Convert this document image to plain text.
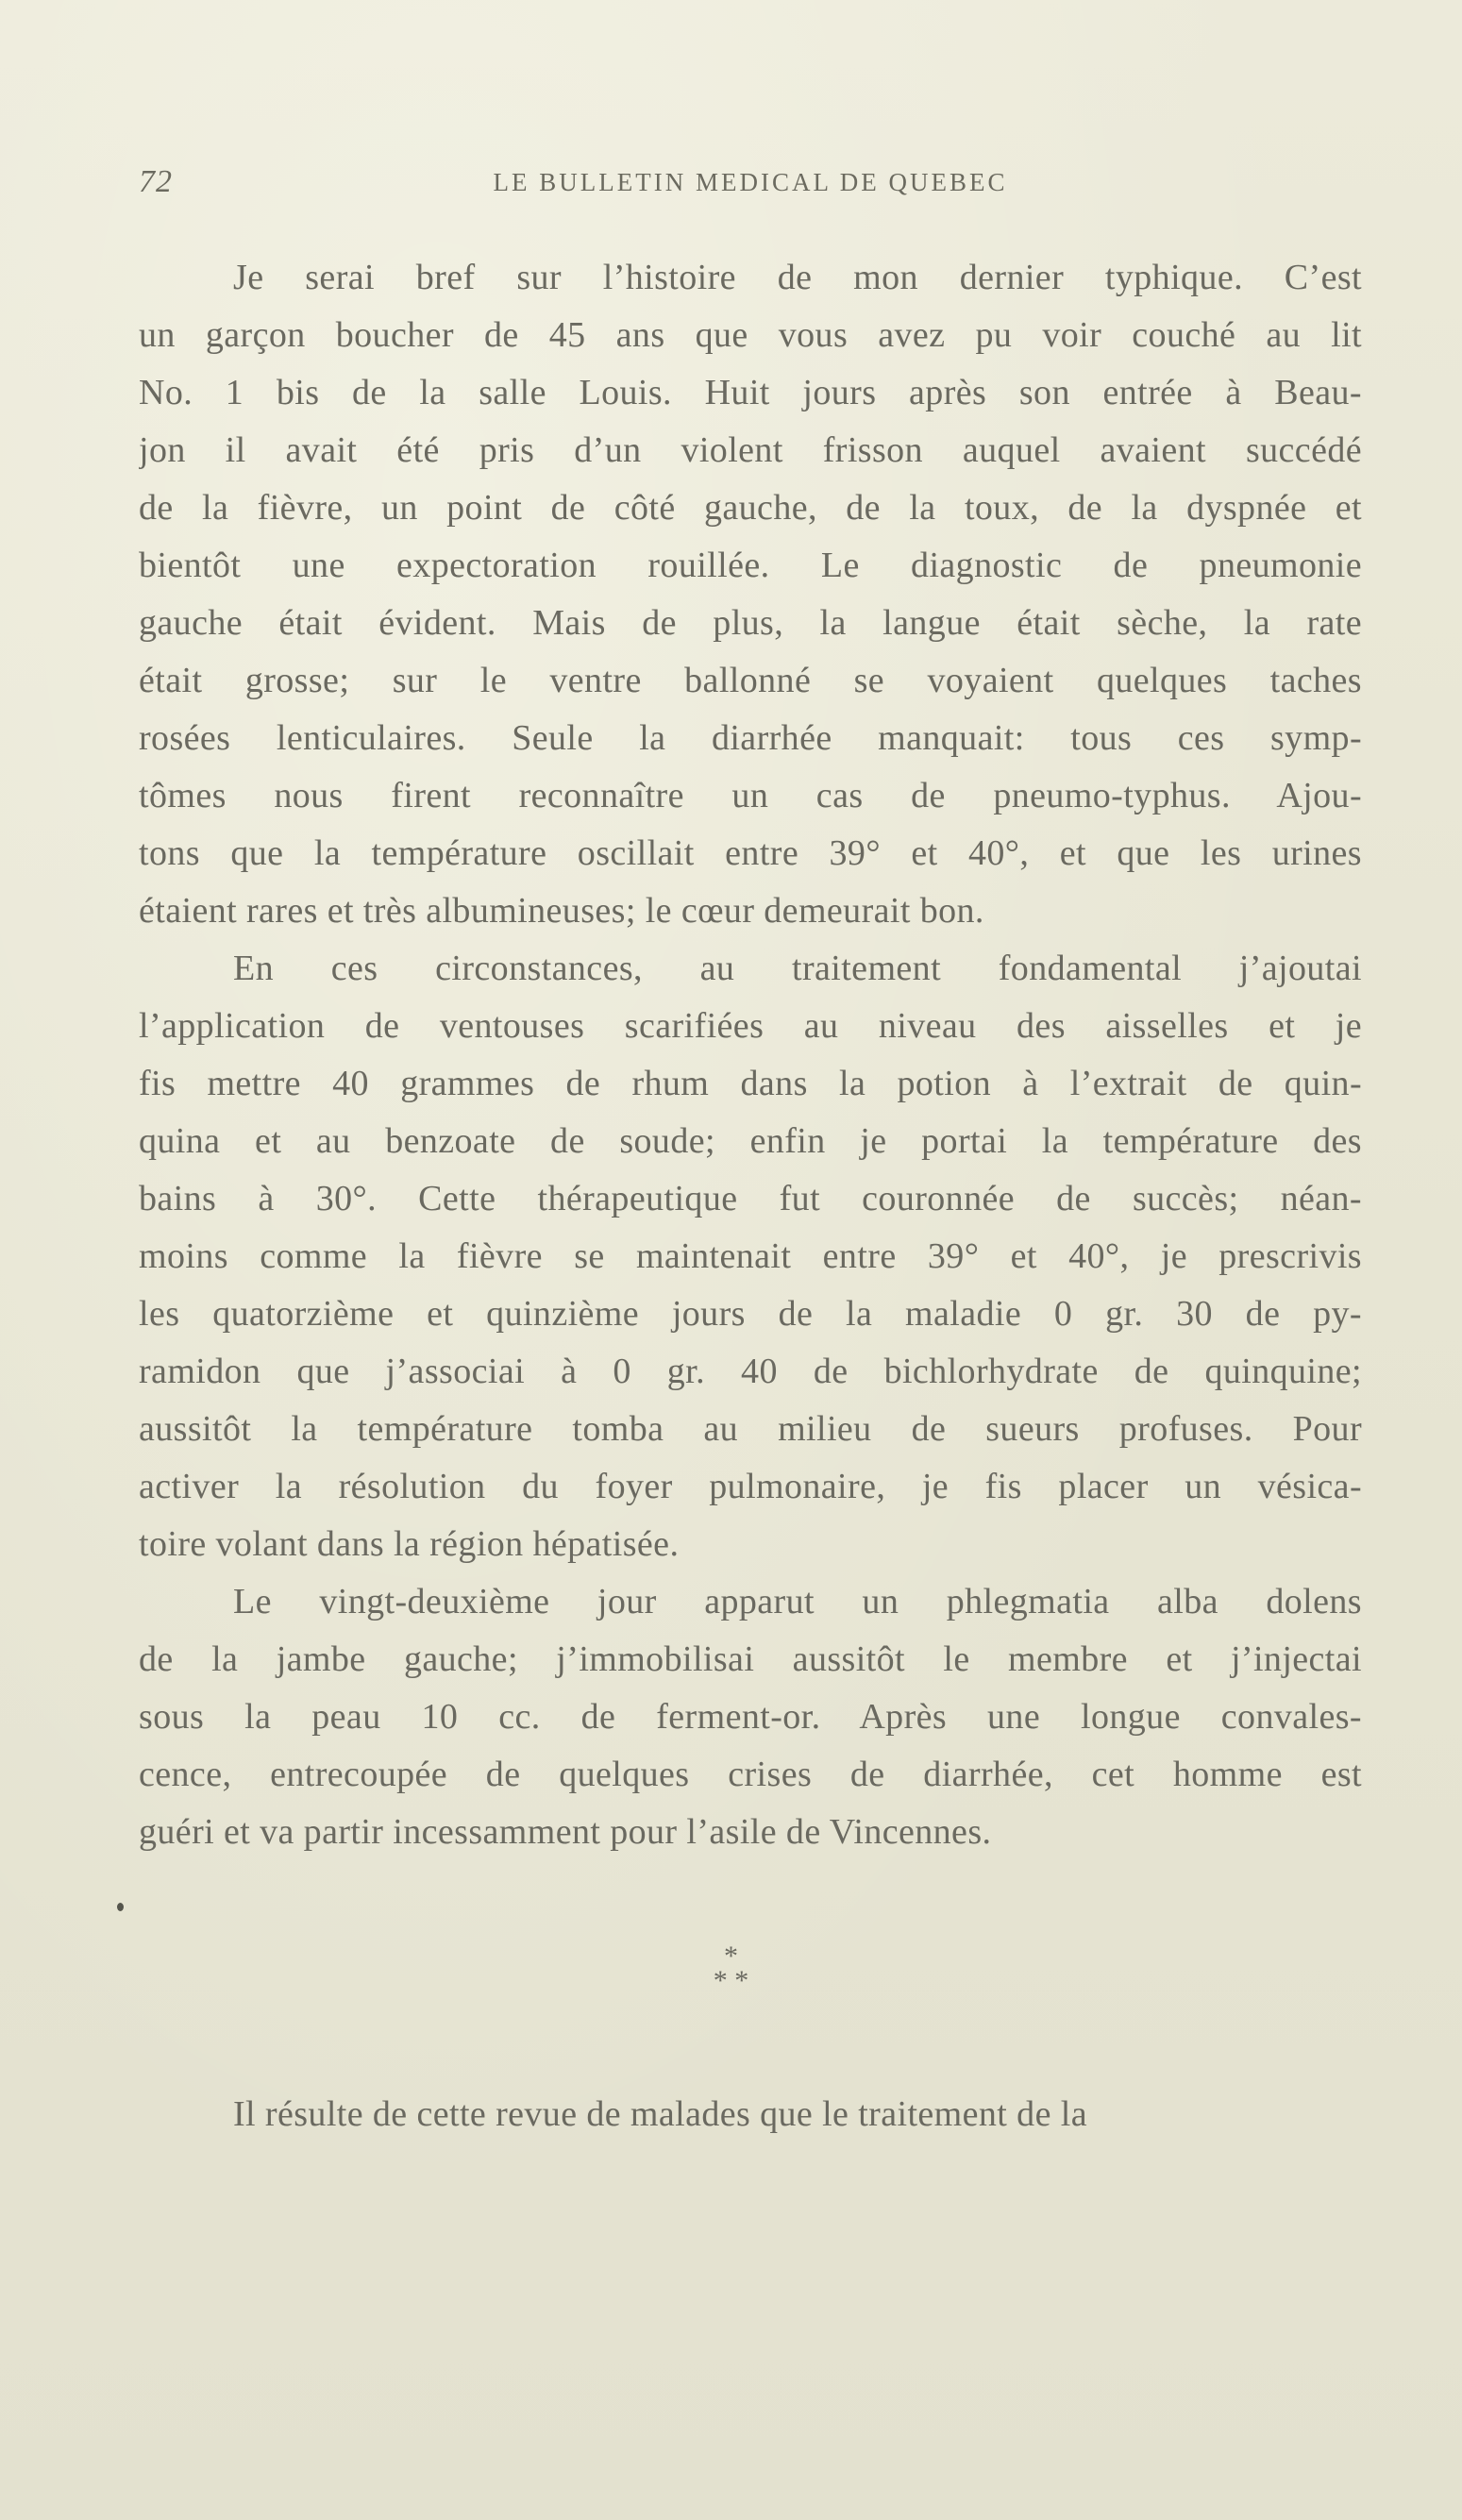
72	LE BULLETIN MEDICAL DE QUEBEC
Je serai bref sur l’histoire de mon dernier typhique. C’est
un garçon boucher de 45 ans que vous avez pu voir couché au lit
No. 1 bis de la salle Louis. Huit jours après son entrée à Beau-
jon il avait été pris d’un violent frisson auquel avaient succédé
de la fièvre, un point de côté gauche, de la toux, de la dyspnée et
bientôt une expectoration rouillée. Le diagnostic de pneumonie
gauche était évident. Mais de plus, la langue était sèche, la rate
était grosse; sur le ventre ballonné se voyaient quelques taches
rosées lenticulaires. Seule la diarrhée manquait: tous ces symp-
tômes nous firent reconnaître un cas de pneumo-typhus. Ajou-
tons que la température oscillait entre 39° et 40°, et que les urines
étaient rares et très albumineuses; le cœur demeurait bon.
En ces circonstances, au traitement fondamental j’ajoutai
l’application de ventouses scarifiées au niveau des aisselles et je
fis mettre 40 grammes de rhum dans la potion à l’extrait de quin-
quina et au benzoate de soude; enfin je portai la température des
bains à 30°. Cette thérapeutique fut couronnée de succès; néan-
moins comme la fièvre se maintenait entre 39° et 40°, je prescrivis
les quatorzième et quinzième jours de la maladie 0 gr. 30 de py-
ramidon que j’associai à 0 gr. 40 de bichlorhydrate de quinquine;
aussitôt la température tomba au milieu de sueurs profuses. Pour
activer la résolution du foyer pulmonaire, je fis placer un vésica-
toire volant dans la région hépatisée.
Le vingt-deuxième jour apparut un phlegmatia alba dolens
de la jambe gauche; j’immobilisai aussitôt le membre et j’injectai
sous la peau 10 cc. de ferment-or. Après une longue convales-
cence, entrecoupée de quelques crises de diarrhée, cet homme est
guéri et va partir incessamment pour l’asile de Vincennes.
*
* *
Il résulte de cette revue de malades que le traitement de la
